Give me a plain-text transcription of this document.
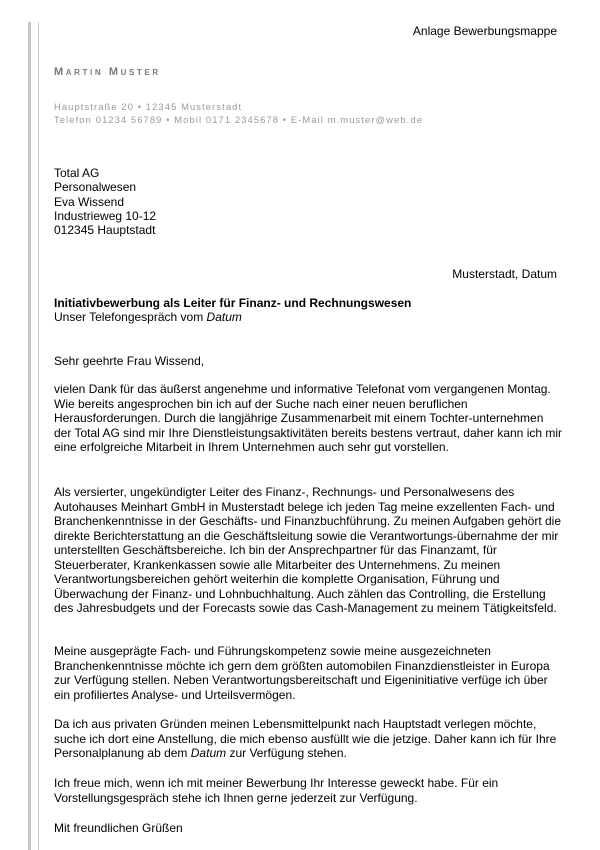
Anlage Bewerbungsmappe
Martin Muster
Hauptstraße 20 • 12345 Musterstadt
Telefon 01234 56789 • Mobil 0171 2345678 • E-Mail m.muster@web.de
Total AG
Personalwesen
Eva Wissend
Industrieweg 10-12
012345 Hauptstadt
Musterstadt, Datum
Initiativbewerbung als Leiter für Finanz- und Rechnungswesen
Unser Telefongespräch vom Datum
Sehr geehrte Frau Wissend,

vielen Dank für das äußerst angenehme und informative Telefonat vom vergangenen Montag. Wie bereits angesprochen bin ich auf der Suche nach einer neuen beruflichen Herausforderungen. Durch die langjährige Zusammenarbeit mit einem Tochter-unternehmen der Total AG sind mir Ihre Dienstleistungsaktivitäten bereits bestens vertraut, daher kann ich mir eine erfolgreiche Mitarbeit in Ihrem Unternehmen auch sehr gut vorstellen.

Als versierter, ungekündigter Leiter des Finanz-, Rechnungs- und Personalwesens des Autohauses Meinhart GmbH in Musterstadt belege ich jeden Tag meine exzellenten Fach- und Branchenkenntnisse in der Geschäfts- und Finanzbuchführung. Zu meinen Aufgaben gehört die direkte Berichterstattung an die Geschäftsleitung sowie die Verantwortungs-übernahme der mir unterstellten Geschäftsbereiche. Ich bin der Ansprechpartner für das Finanzamt, für Steuerberater, Krankenkassen sowie alle Mitarbeiter des Unternehmens. Zu meinen Verantwortungsbereichen gehört weiterhin die komplette Organisation, Führung und Überwachung der Finanz- und Lohnbuchhaltung. Auch zählen das Controlling, die Erstellung des Jahresbudgets und der Forecasts sowie das Cash-Management zu meinem Tätigkeitsfeld.

Meine ausgeprägte Fach- und Führungskompetenz sowie meine ausgezeichneten Branchenkenntnisse möchte ich gern dem größten automobilen Finanzdienstleister in Europa zur Verfügung stellen. Neben Verantwortungsbereitschaft und Eigeninitiative verfüge ich über ein profiliertes Analyse- und Urteilsvermögen.

Da ich aus privaten Gründen meinen Lebensmittelpunkt nach Hauptstadt verlegen möchte, suche ich dort eine Anstellung, die mich ebenso ausfüllt wie die jetzige. Daher kann ich für Ihre Personalplanung ab dem Datum zur Verfügung stehen.

Ich freue mich, wenn ich mit meiner Bewerbung Ihr Interesse geweckt habe. Für ein Vorstellungsgespräch stehe ich Ihnen gerne jederzeit zur Verfügung.

Mit freundlichen Grüßen
